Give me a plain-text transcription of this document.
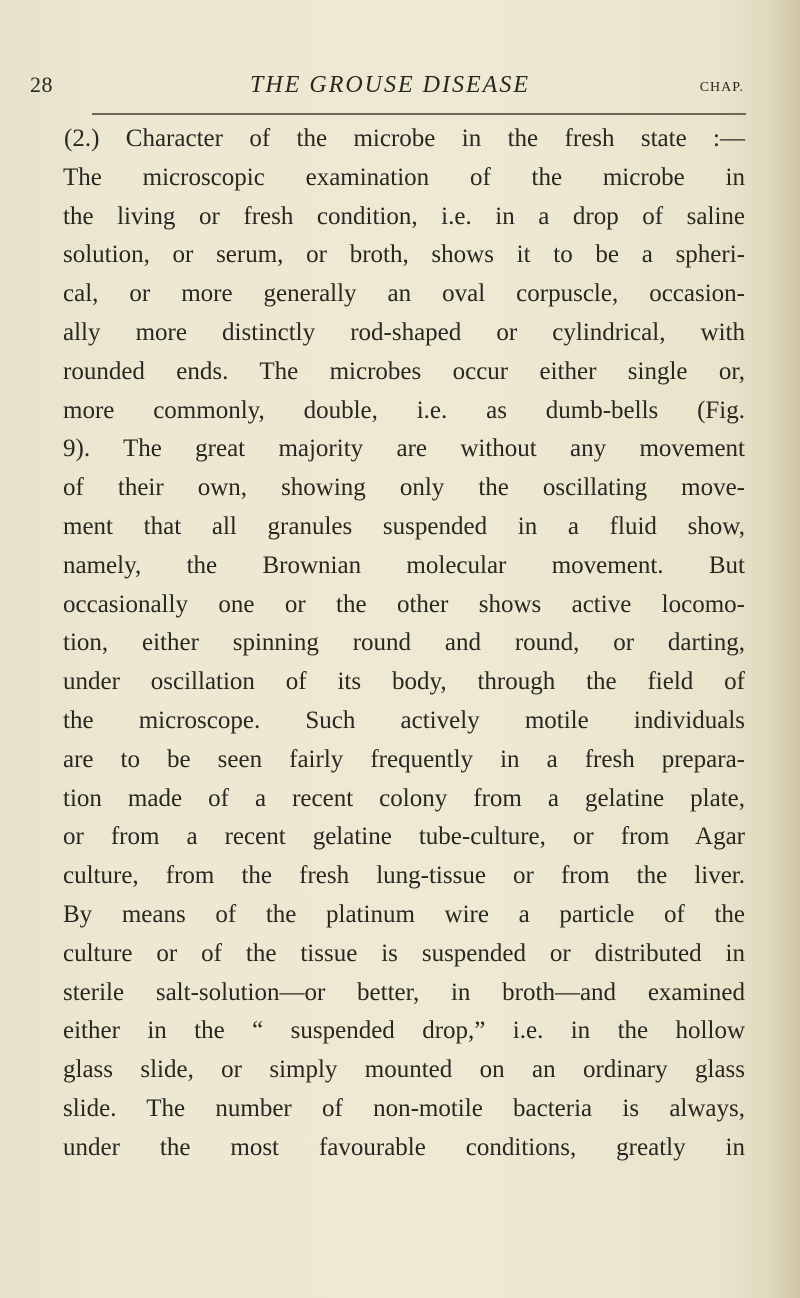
28	THE GROUSE DISEASE	CHAP.
(2.) Character of the microbe in the fresh state :—
The microscopic examination of the microbe in
the living or fresh condition, i.e. in a drop of saline
solution, or serum, or broth, shows it to be a spheri-
cal, or more generally an oval corpuscle, occasion-
ally more distinctly rod-shaped or cylindrical, with
rounded ends. The microbes occur either single or,
more commonly, double, i.e. as dumb-bells (Fig.
9). The great majority are without any movement
of their own, showing only the oscillating move-
ment that all granules suspended in a fluid show,
namely, the Brownian molecular movement. But
occasionally one or the other shows active locomo-
tion, either spinning round and round, or darting,
under oscillation of its body, through the field of
the microscope. Such actively motile individuals
are to be seen fairly frequently in a fresh prepara-
tion made of a recent colony from a gelatine plate,
or from a recent gelatine tube-culture, or from Agar
culture, from the fresh lung-tissue or from the liver.
By means of the platinum wire a particle of the
culture or of the tissue is suspended or distributed in
sterile salt-solution—or better, in broth—and examined
either in the “ suspended drop,” i.e. in the hollow
glass slide, or simply mounted on an ordinary glass
slide. The number of non-motile bacteria is always,
under the most favourable conditions, greatly in
